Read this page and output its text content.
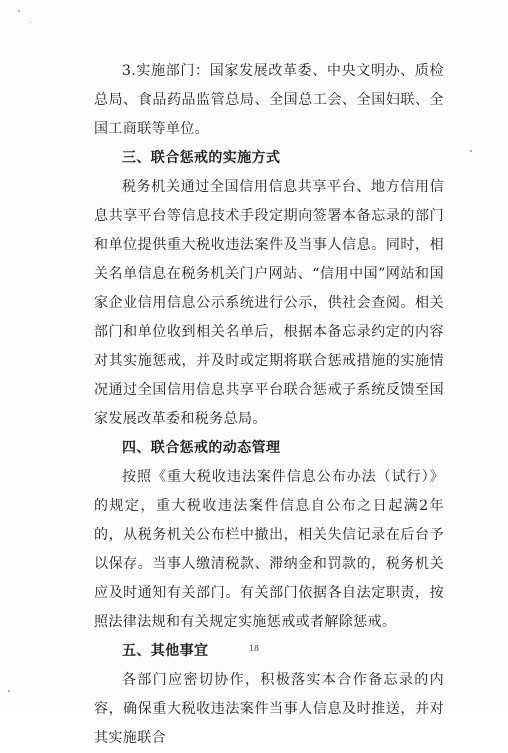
3.实施部门：国家发展改革委、中央文明办、质检总局、食品药品监管总局、全国总工会、全国妇联、全国工商联等单位。

三、联合惩戒的实施方式

税务机关通过全国信用信息共享平台、地方信用信息共享平台等信息技术手段定期向签署本备忘录的部门和单位提供重大税收违法案件及当事人信息。同时，相关名单信息在税务机关门户网站、“信用中国”网站和国家企业信用信息公示系统进行公示，供社会查阅。相关部门和单位收到相关名单后，根据本备忘录约定的内容对其实施惩戒，并及时或定期将联合惩戒措施的实施情况通过全国信用信息共享平台联合惩戒子系统反馈至国家发展改革委和税务总局。

四、联合惩戒的动态管理

按照《重大税收违法案件信息公布办法（试行）》的规定，重大税收违法案件信息自公布之日起满2年的，从税务机关公布栏中撤出，相关失信记录在后台予以保存。当事人缴清税款、滞纳金和罚款的，税务机关应及时通知有关部门。有关部门依据各自法定职责，按照法律法规和有关规定实施惩戒或者解除惩戒。

五、其他事宜

各部门应密切协作，积极落实本合作备忘录的内容，确保重大税收违法案件当事人信息及时推送，并对其实施联合

18
